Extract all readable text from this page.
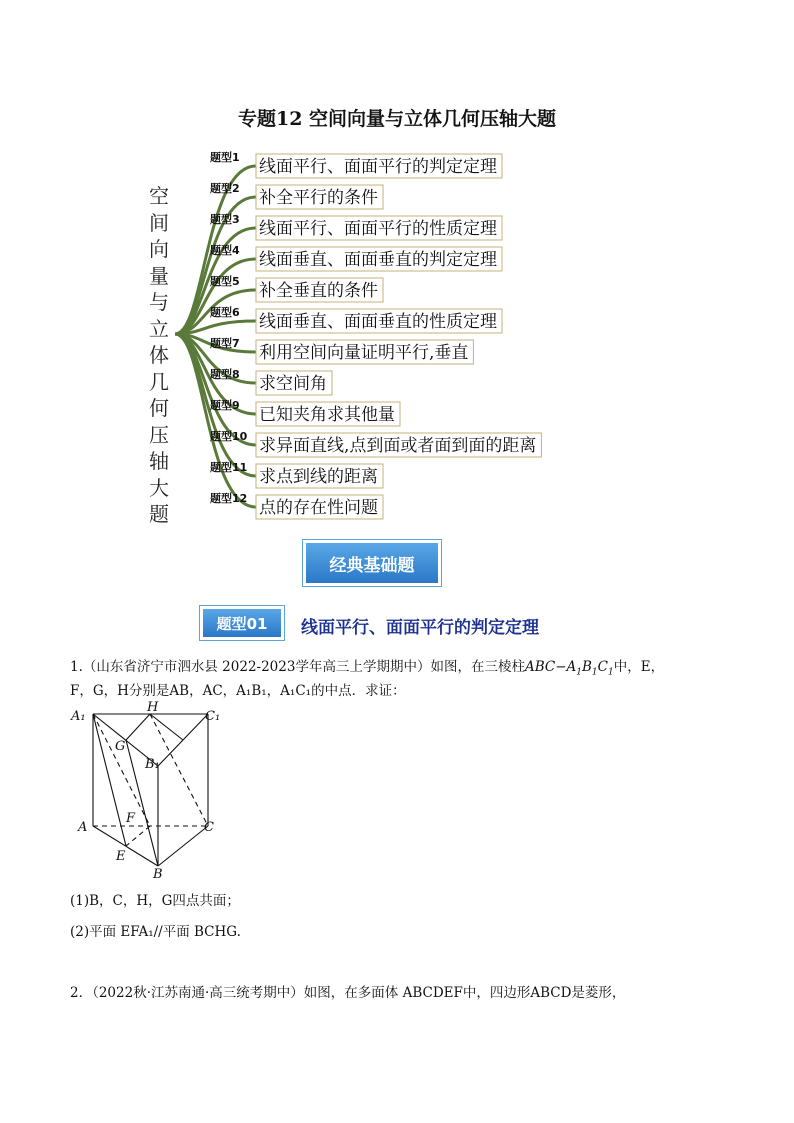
专题12 空间向量与立体几何压轴大题
空间向量与立体几何压轴大题
题型1 线面平行、面面平行的判定定理
题型2 补全平行的条件
题型3 线面平行、面面平行的性质定理
题型4 线面垂直、面面垂直的判定定理
题型5 补全垂直的条件
题型6 线面垂直、面面垂直的性质定理
题型7 利用空间向量证明平行,垂直
题型8 求空间角
题型9 已知夹角求其他量
题型10 求异面直线,点到面或者面到面的距离
题型11 求点到线的距离
题型12 点的存在性问题
经典基础题
题型01	线面平行、面面平行的判定定理
1.（山东省济宁市泗水县 2022-2023学年高三上学期期中）如图，在三棱柱$ABC-A_1B_1C_1$中，E，
F，G，H分别是AB，AC，A₁B₁，A₁C₁的中点．求证：
A₁
H
C₁
G
B₁
A
F
C
E
B
(1)B，C，H，G四点共面；
(2)平面 EFA₁//平面 BCHG.
2．（2022秋·江苏南通·高三统考期中）如图，在多面体 ABCDEF中，四边形ABCD是菱形，
